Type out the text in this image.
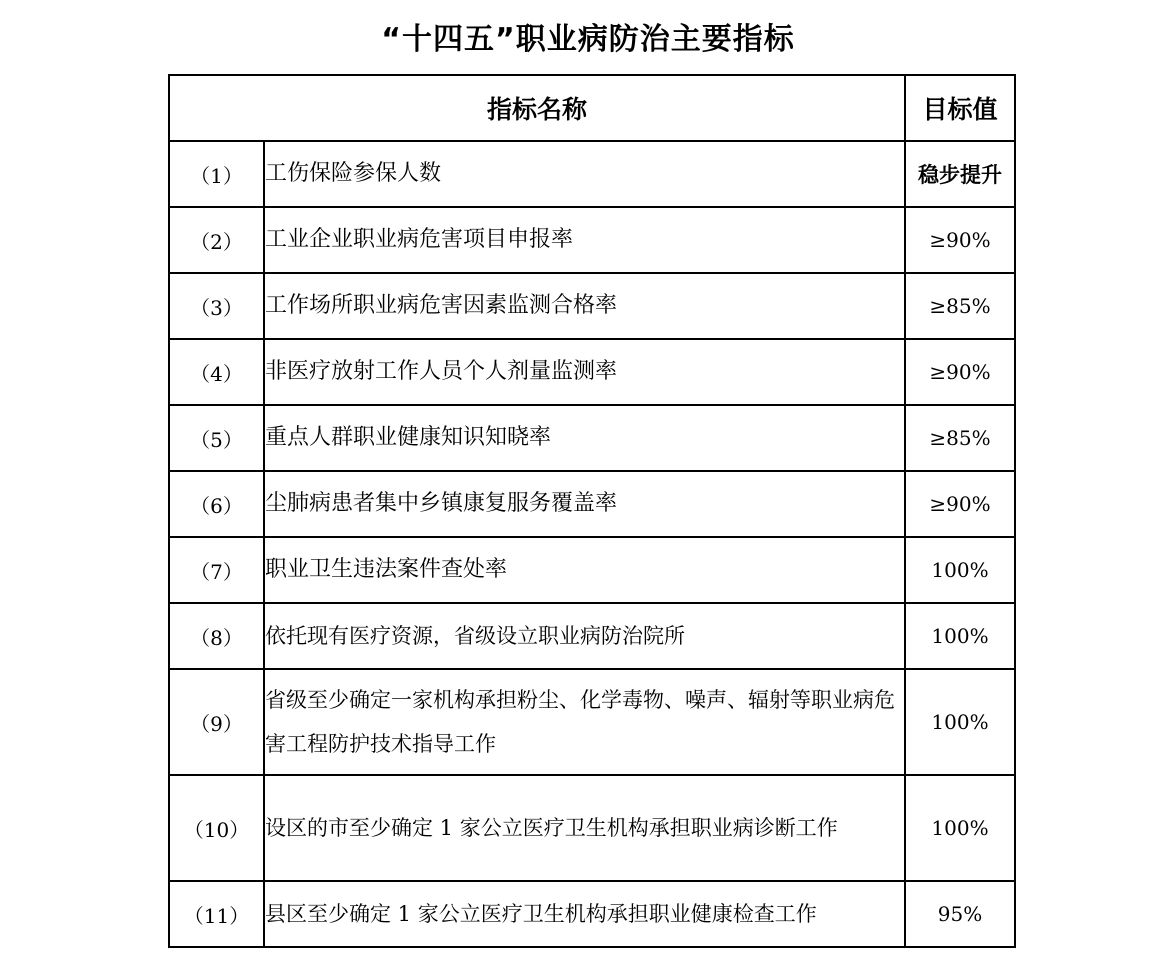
“十四五”职业病防治主要指标
指标名称		目标值
（1）	工伤保险参保人数	稳步提升
（2）	工业企业职业病危害项目申报率	≥90%
（3）	工作场所职业病危害因素监测合格率	≥85%
（4）	非医疗放射工作人员个人剂量监测率	≥90%
（5）	重点人群职业健康知识知晓率	≥85%
（6）	尘肺病患者集中乡镇康复服务覆盖率	≥90%
（7）	职业卫生违法案件查处率	100%
（8）	依托现有医疗资源，省级设立职业病防治院所	100%
（9）	省级至少确定一家机构承担粉尘、化学毒物、噪声、辐射等职业病危害工程防护技术指导工作	100%
（10）	设区的市至少确定 1 家公立医疗卫生机构承担职业病诊断工作	100%
（11）	县区至少确定 1 家公立医疗卫生机构承担职业健康检查工作	95%
